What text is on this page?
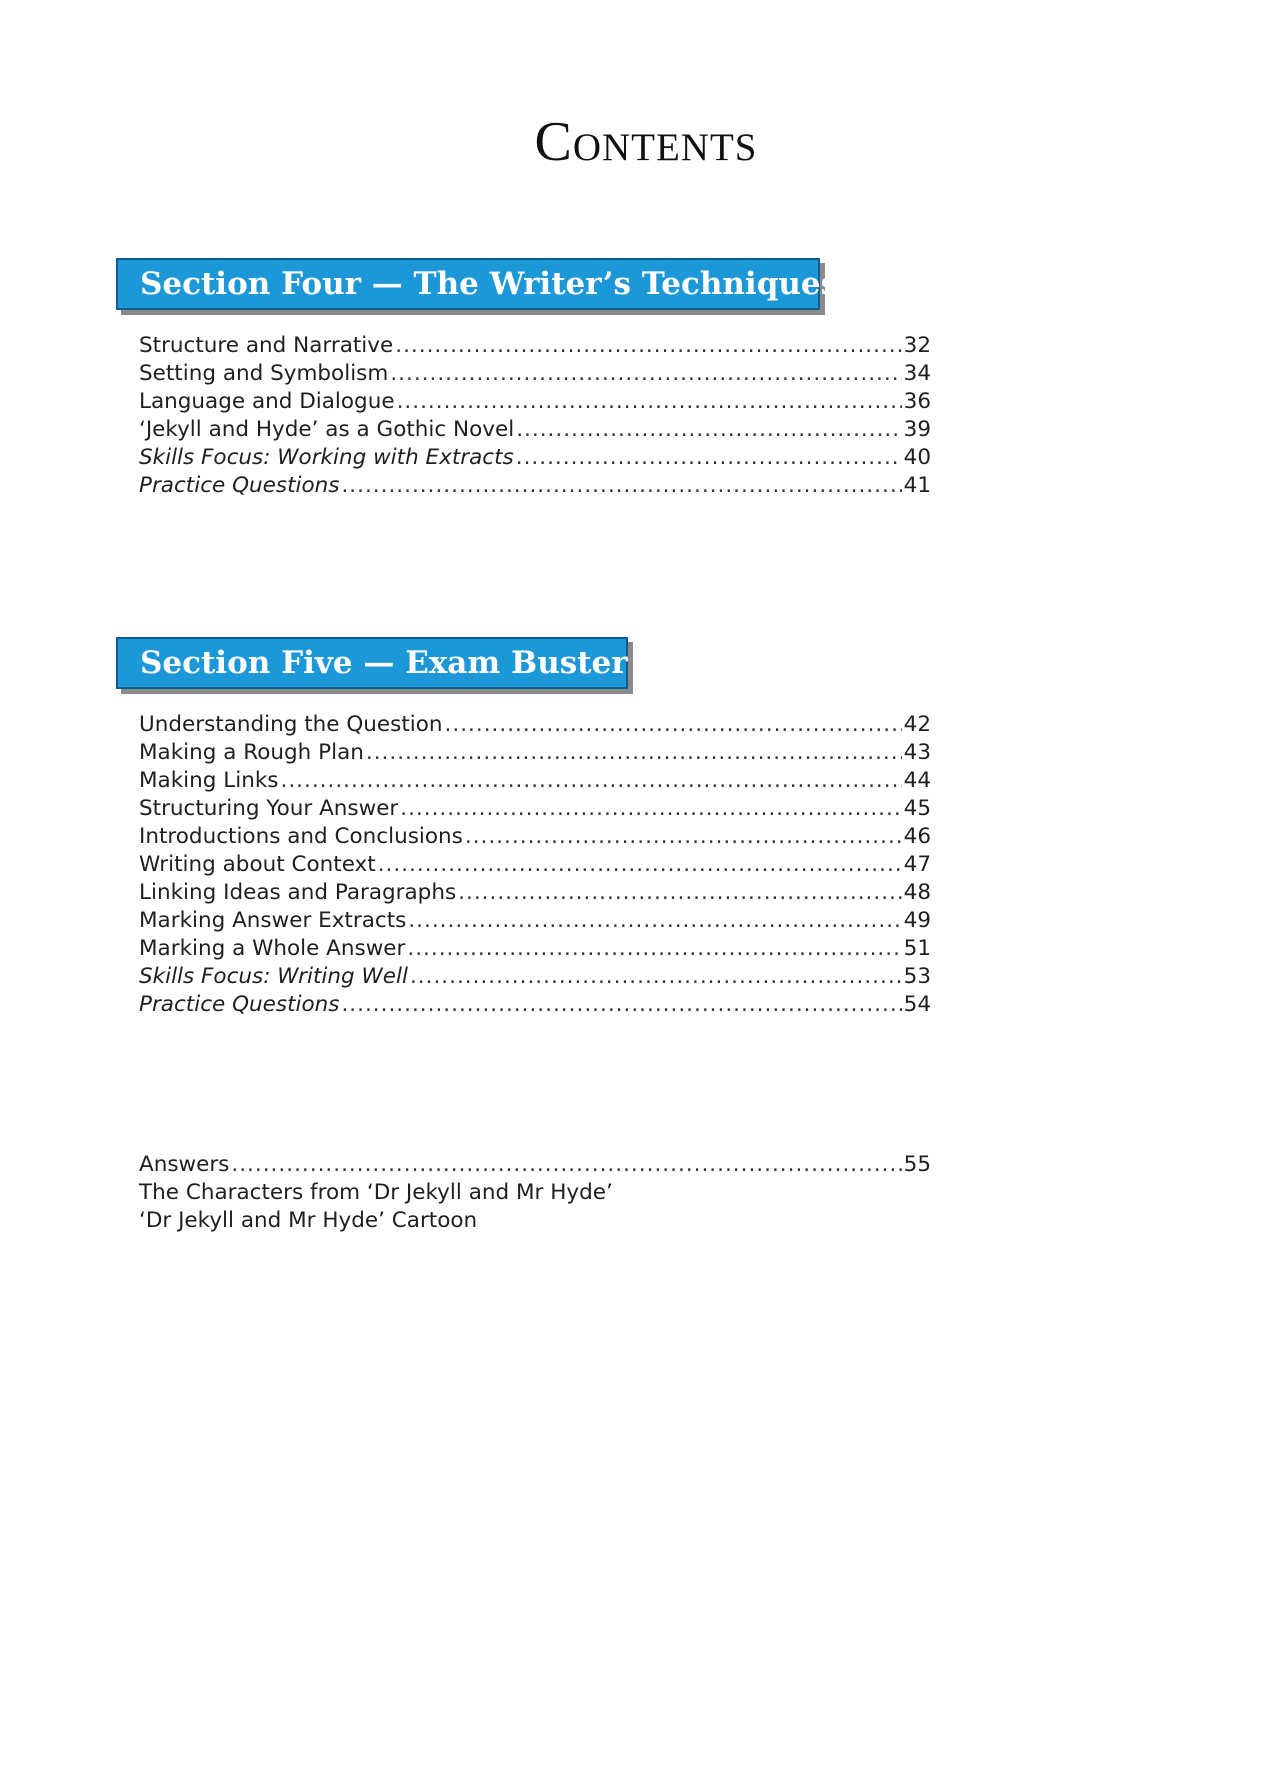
Contents
Section Four — The Writer’s Techniques
Structure and Narrative .....	32
Setting and Symbolism .....	34
Language and Dialogue .....	36
‘Jekyll and Hyde’ as a Gothic Novel .....	39
Skills Focus: Working with Extracts .....	40
Practice Questions .....	41
Section Five — Exam Buster
Understanding the Question .....	42
Making a Rough Plan .....	43
Making Links .....	44
Structuring Your Answer .....	45
Introductions and Conclusions .....	46
Writing about Context .....	47
Linking Ideas and Paragraphs .....	48
Marking Answer Extracts .....	49
Marking a Whole Answer .....	51
Skills Focus: Writing Well .....	53
Practice Questions .....	54
Answers .....	55
The Characters from ‘Dr Jekyll and Mr Hyde’
‘Dr Jekyll and Mr Hyde’ Cartoon
